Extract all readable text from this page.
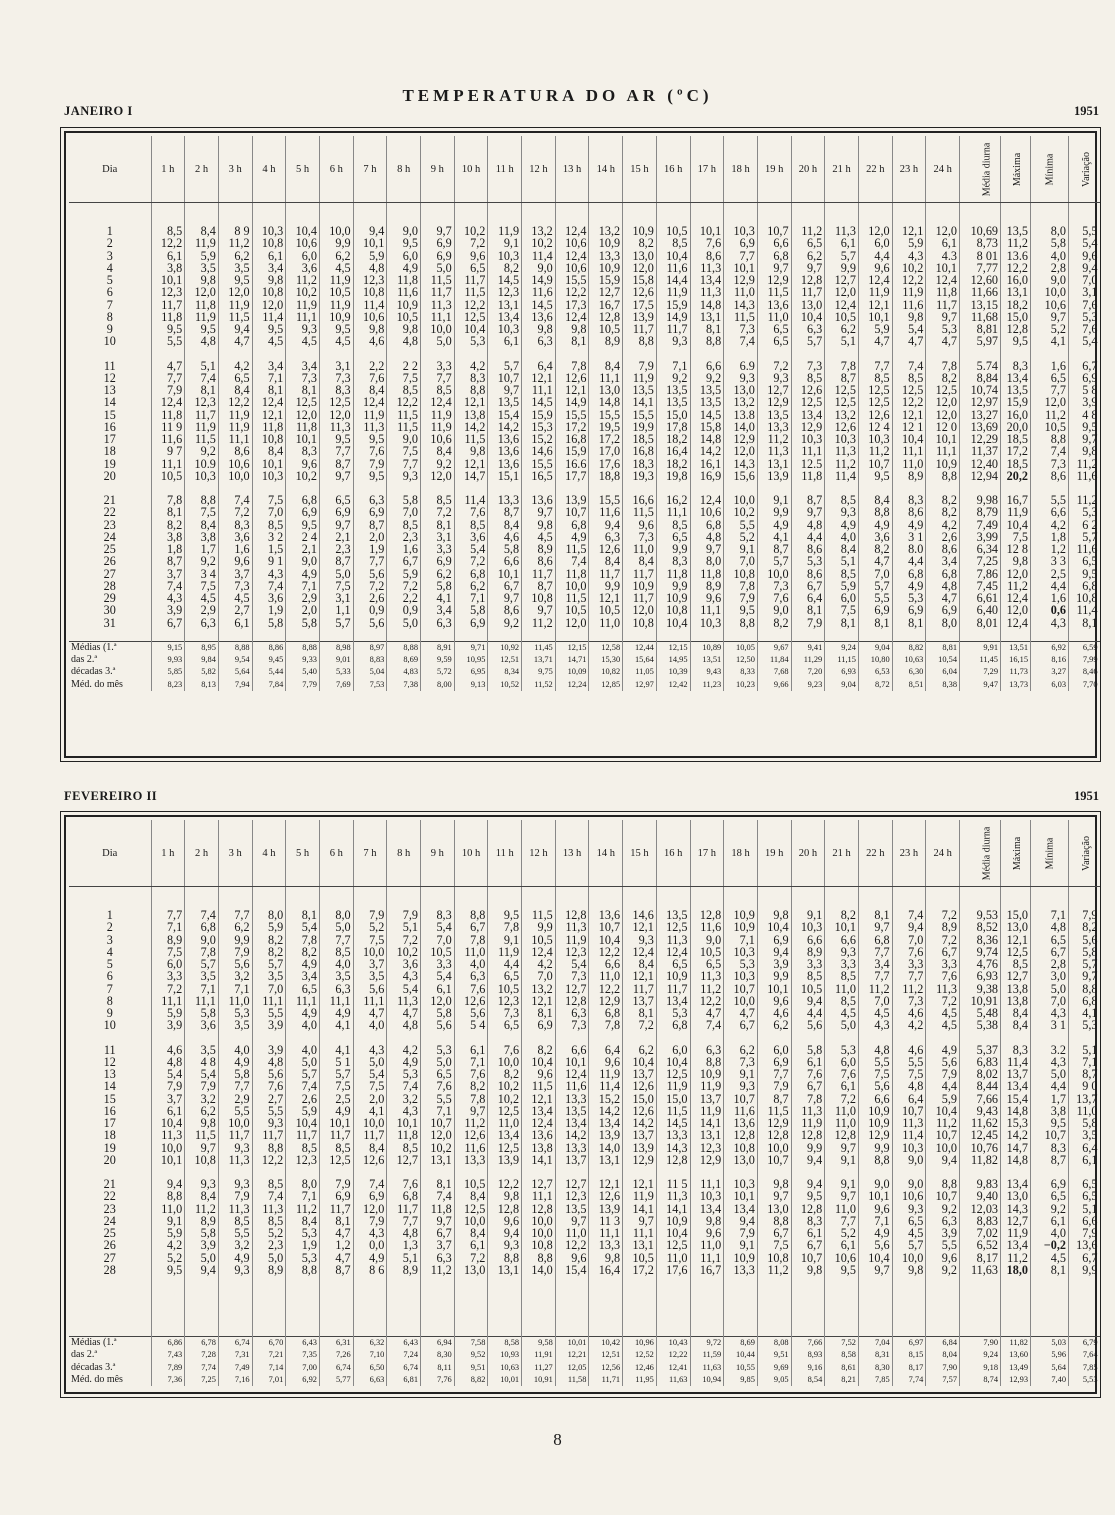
TEMPERATURA DO AR (ºC)
JANEIRO I	1951
Dia	1 h	2 h	3 h	4 h	5 h	6 h	7 h	8 h	9 h	10 h	11 h	12 h	13 h	14 h	15 h	16 h	17 h	18 h	19 h	20 h	21 h	22 h	23 h	24 h	Média diurna	Máxima	Mínima	Variação

1	8,5	8,4	8 9	10,3	10,4	10,0	9,4	9,0	9,7	10,2	11,9	13,2	12,4	13,2	10,9	10,5	10,1	10,3	10,7	11,2	11,3	12,0	12,1	12,0	10,69	13,5	8,0	5,5
2	12,2	11,9	11,2	10,8	10,6	9,9	10,1	9,5	6,9	7,2	9,1	10,2	10,6	10,9	8,2	8,5	7,6	6,9	6,6	6,5	6,1	6,0	5,9	6,1	8,73	11,2	5,8	5,4
3	6,1	5,9	6,2	6,1	6,0	6,2	5,9	6,0	6,9	9,6	10,3	11,4	12,4	13,3	13,0	10,4	8,6	7,7	6,8	6,2	5,7	4,4	4,3	4.3	8 01	13.6	4,0	9,6
4	3,8	3,5	3,5	3,4	3,6	4,5	4,8	4,9	5,0	6,5	8,2	9,0	10,6	10,9	12,0	11,6	11,3	10,1	9,7	9,7	9,9	9,6	10,2	10,1	7,77	12,2	2,8	9,4
5	10,1	9,8	9,5	9,8	11,2	11,9	12,3	11,8	11,5	11,7	14,5	14,9	15,5	15,9	15,8	14,4	13,4	12,9	12,9	12,8	12,7	12,4	12,2	12,4	12,60	16,0	9,0	7,0
6	12,3	12,0	12,0	10,8	10,2	10,5	10,8	11,6	11,7	11,5	12,3	11,6	12,2	12,7	12,6	11,9	11,3	11,0	11,5	11,7	12,0	11,9	11,9	11,8	11,66	13,1	10,0	3,1
7	11,7	11,8	11,9	12,0	11,9	11,9	11,4	10,9	11,3	12,2	13,1	14,5	17,3	16,7	17,5	15,9	14,8	14,3	13,6	13,0	12,4	12,1	11,6	11,7	13,15	18,2	10,6	7,6
8	11,8	11,9	11,5	11,4	11,1	10,9	10,6	10,5	11,1	12,5	13,4	13,6	12,4	12,8	13,9	14,9	13,1	11,5	11,0	10,4	10,5	10,1	9,8	9,7	11,68	15,0	9,7	5,3
9	9,5	9,5	9,4	9,5	9,3	9,5	9,8	9,8	10,0	10,4	10,3	9,8	9,8	10,5	11,7	11,7	8,1	7,3	6,5	6,3	6,2	5,9	5,4	5,3	8,81	12,8	5,2	7,6
10	5,5	4,8	4,7	4,5	4,5	4,5	4,6	4,8	5,0	5,3	6,1	6,3	8,1	8,9	8,8	9,3	8,8	7,4	6,5	5,7	5,1	4,7	4,7	4,7	5,97	9,5	4,1	5,4

11	4,7	5,1	4,2	3,4	3,4	3,1	2,2	2 2	3,3	4,2	5,7	6,4	7,8	8,4	7,9	7,1	6,6	6.9	7,2	7,3	7,8	7,7	7,4	7,8	5.74	8,3	1,6	6,7
12	7,7	7,4	6,5	7,1	7,3	7,3	7,6	7,5	7,7	8,3	10,7	12,1	12,6	11,1	11,9	9,2	9,2	9,3	9,3	8,5	8,7	8,5	8,5	8,2	8,84	13,4	6,5	6,9
13	7,9	8,1	8,4	8,1	8,1	8,3	8,4	8,5	8,5	8,8	9,7	11,1	12,1	13,0	13,5	13,5	13,5	13,0	12,7	12,6	12,5	12,5	12,5	12,5	10,74	13,5	7,7	5 8
14	12,4	12,3	12,2	12,4	12,5	12,5	12,4	12,2	12,4	12,1	13,5	14,5	14,9	14,8	14,1	13,5	13,5	13,2	12,9	12,5	12,5	12,5	12,2	12,0	12,97	15,9	12,0	3,9
15	11,8	11,7	11,9	12,1	12,0	12,0	11,9	11,5	11,9	13,8	15,4	15,9	15,5	15,5	15,5	15,0	14,5	13.8	13,5	13,4	13,2	12,6	12,1	12,0	13,27	16,0	11,2	4 8
16	11 9	11,9	11,9	11,8	11,8	11,3	11,3	11,5	11,9	14,2	14,2	15,3	17,2	19,5	19,9	17,8	15,8	14,0	13,3	12,9	12,6	12 4	12 1	12 0	13,69	20,0	10,5	9,5
17	11,6	11,5	11,1	10,8	10,1	9,5	9,5	9,0	10,6	11,5	13,6	15,2	16,8	17,2	18,5	18,2	14,8	12,9	11,2	10,3	10,3	10,3	10,4	10,1	12,29	18,5	8,8	9,7
18	9 7	9,2	8,6	8,4	8,3	7,7	7,6	7,5	8,4	9,8	13,6	14,6	15,9	17,0	16,8	16,4	14,2	12,0	11,3	11,1	11,3	11,2	11,1	11,1	11,37	17,2	7,4	9,8
19	11,1	10.9	10,6	10,1	9,6	8,7	7,9	7,7	9,2	12,1	13,6	15,5	16.6	17,6	18,3	18,2	16,1	14,3	13,1	12.5	11,2	10,7	11,0	10,9	12,40	18,5	7,3	11,2
20	10,5	10,3	10,0	10,3	10,2	9,7	9,5	9,3	12,0	14,7	15,1	16,5	17,7	18,8	19,3	19,8	16,9	15,6	13,9	11,8	11,4	9,5	8,9	8,8	12,94	20,2	8,6	11,6

21	7,8	8,8	7,4	7,5	6,8	6,5	6,3	5,8	8,5	11,4	13,3	13,6	13,9	15,5	16,6	16,2	12,4	10,0	9,1	8,7	8,5	8,4	8,3	8,2	9,98	16,7	5,5	11,2
22	8,1	7,5	7,2	7,0	6,9	6,9	6,9	7,0	7,2	7,6	8,7	9,7	10,7	11,6	11,5	11,1	10,6	10,2	9,9	9,7	9,3	8,8	8,6	8,2	8,79	11,9	6,6	5,3
23	8,2	8,4	8,3	8,5	9,5	9,7	8,7	8,5	8,1	8,5	8,4	9,8	6,8	9,4	9,6	8,5	6,8	5,5	4,9	4,8	4,9	4,9	4,9	4,2	7,49	10,4	4,2	6 2
24	3,8	3,8	3,6	3 2	2 4	2,1	2,0	2,3	3,1	3,6	4,6	4,5	4,9	6,3	7,3	6,5	4,8	5,2	4,1	4,4	4,0	3,6	3 1	2,6	3,99	7,5	1,8	5,7
25	1,8	1,7	1,6	1,5	2,1	2,3	1,9	1,6	3,3	5,4	5,8	8,9	11,5	12,6	11,0	9,9	9,7	9,1	8,7	8,6	8,4	8,2	8.0	8,6	6,34	12 8	1,2	11,6
26	8,7	9,2	9,6	9 1	9,0	8,7	7,7	6,7	6,9	7,2	6,6	8,6	7,4	8,4	8,4	8,3	8,0	7,0	5,7	5,3	5,1	4,7	4,4	3,4	7,25	9,8	3 3	6,5
27	3,7	3 4	3,7	4,3	4,9	5,0	5,6	5,9	6,2	6,8	10,1	11,7	11,8	11,7	11,7	11,8	11,8	10,8	10,0	8,6	8,5	7,0	6,8	6,8	7,86	12,0	2,5	9,5
28	7,4	7,5	7,3	7,4	7,1	7,5	7,2	7,2	5,8	6,2	6,7	8,7	10,0	9,9	10,9	9,9	8,9	7,8	7,3	6,7	5,9	5,7	4,9	4,8	7,45	11,2	4,4	6,8
29	4,3	4,5	4,5	3,6	2,9	3,1	2,6	2,2	4,1	7,1	9,7	10,8	11,5	12,1	11,7	10,9	9,6	7,9	7,6	6,4	6,0	5,5	5,3	4,7	6,61	12,4	1,6	10,8
30	3,9	2,9	2,7	1,9	2,0	1,1	0,9	0,9	3,4	5,8	8,6	9,7	10,5	10,5	12,0	10,8	11,1	9,5	9,0	8,1	7,5	6,9	6,9	6,9	6,40	12,0	0,6	11,4
31	6,7	6,3	6,1	5,8	5,8	5,7	5,6	5,0	6,3	6,9	9,2	11,2	12,0	11,0	10,8	10,4	10,3	8,8	8,2	7,9	8,1	8,1	8,1	8,0	8,01	12,4	4,3	8,1

Médias (1.ª	9,15	8,95	8,88	8,86	8,88	8,98	8,97	8,88	8,91	9,71	10,92	11,45	12,15	12,58	12,44	12,15	10,89	10,05	9,67	9,41	9,24	9,04	8,82	8,81	9,91	13,51	6,92	6,59
das 2.ª	9,93	9,84	9,54	9,45	9,33	9,01	8,83	8,69	9,59	10,95	12,51	13,71	14,71	15,30	15,64	14,95	13,51	12,50	11,84	11,29	11,15	10,80	10,63	10,54	11,45	16,15	8,16	7,99
décadas 3.ª	5,85	5,82	5,64	5,44	5,40	5,33	5,04	4,83	5,72	6,95	8,34	9,75	10,09	10,82	11,05	10,39	9,43	8,33	7,68	7,20	6,93	6,53	6,30	6,04	7,29	11,73	3,27	8,46
Méd. do mês	8,23	8,13	7,94	7,84	7,79	7,69	7,53	7,38	8,00	9,13	10,52	11,52	12,24	12,85	12,97	12,42	11,23	10,23	9,66	9,23	9,04	8,72	8,51	8,38	9,47	13,73	6,03	7,70
FEVEREIRO II	1951
Dia	1 h	2 h	3 h	4 h	5 h	6 h	7 h	8 h	9 h	10 h	11 h	12 h	13 h	14 h	15 h	16 h	17 h	18 h	19 h	20 h	21 h	22 h	23 h	24 h	Média diurna	Máxima	Mínima	Variação

1	7,7	7,4	7,7	8,0	8,1	8,0	7,9	7,9	8,3	8,8	9,5	11,5	12,8	13,6	14,6	13,5	12,8	10,9	9,8	9,1	8,2	8,1	7,4	7,2	9,53	15,0	7,1	7,9
2	7,1	6,8	6,2	5,9	5,4	5,0	5,2	5,1	5,4	6,7	7,8	9,9	11,3	10,7	12,1	12,5	11,6	10,9	10,4	10,3	10,1	9,7	9,4	8,9	8,52	13,0	4,8	8,2
3	8,9	9,0	9,9	8,2	7,8	7,7	7,5	7,2	7,0	7,8	9,1	10,5	11,9	10,4	9,3	11,3	9,0	7,1	6,9	6,6	6,6	6,8	7,0	7,2	8,36	12,1	6,5	5,6
4	7,5	7,8	7,9	8,2	8,2	8,5	10,0	10,2	10,5	11,0	11,9	12,4	12,3	12,2	12,4	12,4	10,5	10,3	9,4	8,9	9,3	7,7	7,6	6,7	9,74	12,5	6,7	5,8
5	6,0	5,7	5,6	5,7	4,9	4,0	3,7	3,6	3,3	4,0	4,4	4,2	5,4	6,6	8,4	6,5	6,5	5,3	3,9	3,3	3,3	3,4	3,3	3,3	4,76	8,5	2,8	5,7
6	3,3	3,5	3,2	3,5	3,4	3,5	3,5	4,3	5,4	6,3	6,5	7,0	7,3	11,0	12,1	10,9	11,3	10,3	9,9	8,5	8,5	7,7	7,7	7,6	6,93	12,7	3,0	9,7
7	7,2	7,1	7,1	7,0	6,5	6,3	5,6	5,4	6,1	7,6	10,5	13,2	12,7	12,2	11,7	11,7	11,2	10,7	10,1	10,5	11,0	11,2	11,2	11,3	9,38	13,8	5,0	8,8
8	11,1	11,1	11,0	11,1	11,1	11,1	11,1	11,3	12,0	12,6	12,3	12,1	12,8	12,9	13,7	13,4	12,2	10,0	9,6	9,4	8,5	7,0	7,3	7,2	10,91	13,8	7,0	6,8
9	5,9	5,8	5,3	5,5	4,9	4,9	4,7	4,7	5,8	5,6	7,3	8,1	6,3	6,8	8,1	5,3	4,7	4,7	4,6	4,4	4,5	4,5	4,6	4,5	5,48	8,4	4,3	4,1
10	3,9	3,6	3,5	3,9	4,0	4,1	4,0	4,8	5,6	5 4	6,5	6,9	7,3	7,8	7,2	6,8	7,4	6,7	6,2	5,6	5,0	4,3	4,2	4,5	5,38	8,4	3 1	5,3

11	4,6	3,5	4,0	3,9	4,0	4,1	4,3	4,2	5,3	6,1	7,6	8,2	6,6	6,4	6,2	6,0	6,3	6,2	6,0	5,8	5,3	4,8	4,6	4,9	5,37	8,3	3.2	5,1
12	4,8	4 8	4,9	4,8	5,0	5 1	5,0	4,9	5,0	7,1	10,0	10,4	10,1	9,6	10,4	10,4	8,8	7,3	6,9	6,1	6,0	5,5	5,5	5,6	6,83	11,4	4,3	7,1
13	5,4	5,4	5,8	5,6	5,7	5,7	5,4	5,3	6,5	7,6	8,2	9,6	12,4	11,9	13,7	12,5	10,9	9,1	7,7	7,6	7,6	7,5	7,5	7,9	8,02	13,7	5,0	8,7
14	7,9	7,9	7,7	7,6	7,4	7,5	7,5	7,4	7,6	8,2	10,2	11,5	11,6	11,4	12,6	11,9	11,9	9,3	7,9	6,7	6,1	5,6	4,8	4,4	8,44	13,4	4,4	9 0
15	3,7	3,2	2,9	2,7	2,6	2,5	2,0	3,2	5,5	7,8	10,2	12,1	13,3	15,2	15,0	15,0	13,7	10,7	8,7	7,8	7,2	6,6	6,4	5,9	7,66	15,4	1,7	13,7
16	6,1	6,2	5,5	5,5	5,9	4,9	4,1	4,3	7,1	9,7	12,5	13,4	13,5	14,2	12,6	11,5	11,9	11,6	11,5	11,3	11,0	10,9	10,7	10,4	9,43	14,8	3,8	11,0
17	10,4	9,8	10,0	9,3	10,4	10,1	10,0	10,1	10,7	11,2	11,0	12,4	13,4	13,4	14,2	14,5	14,1	13,6	12,9	11,9	11,0	10,9	11,3	11,2	11,62	15,3	9,5	5,8
18	11,3	11,5	11,7	11,7	11,7	11,7	11,7	11,8	12,0	12,6	13,4	13,6	14,2	13,9	13,7	13,3	13,1	12,8	12,8	12,8	12,8	12,9	11,4	10,7	12,45	14,2	10,7	3,5
19	10,0	9,7	9,3	8,8	8,5	8,5	8,4	8,5	10,2	11,6	12,5	13,8	13,3	14,0	13,9	14,3	12,3	10,8	10,0	9,9	9,7	9,9	10,3	10,0	10,76	14,7	8,3	6,4
20	10,1	10,8	11,3	12,2	12,3	12,5	12,6	12,7	13,1	13,3	13,9	14,1	13,7	13,1	12,9	12,8	12,9	13,0	10,7	9,4	9,1	8,8	9,0	9,4	11,82	14,8	8,7	6,1

21	9,4	9,3	9,3	8,5	8,0	7,9	7,4	7,6	8,1	10,5	12,2	12,7	12,7	12,1	12,1	11 5	11,1	10,3	9,8	9,4	9,1	9,0	9,0	8,8	9,83	13,4	6,9	6,5
22	8,8	8,4	7,9	7,4	7,1	6,9	6,9	6,8	7,4	8,4	9,8	11,1	12,3	12,6	11,9	11,3	10,3	10,1	9,7	9,5	9,7	10,1	10,6	10,7	9,40	13,0	6,5	6,5
23	11,0	11,2	11,3	11,3	11,2	11,7	12,0	11,7	11,8	12,5	12,8	12,8	13,5	13,9	14,1	14,1	13,4	13,4	13,0	12,8	11,0	9,6	9,3	9,2	12,03	14,3	9,2	5,1
24	9,1	8,9	8,5	8,5	8,4	8,1	7,9	7,7	9,7	10,0	9,6	10,0	9,7	11 3	9,7	10,9	9,8	9,4	8,8	8,3	7,7	7,1	6,5	6,3	8,83	12,7	6,1	6,6
25	5,9	5,8	5,5	5,2	5,3	4,7	4,3	4,8	6,7	8,4	9,4	10,0	11,0	11,1	11,1	10,4	9,6	7,9	6,7	6,1	5,2	4,9	4,5	3,9	7,02	11,9	4,0	7,9
26	4,2	3,9	3,2	2,3	1,9	1,2	0,0	1,3	3,7	6,1	9,3	10,8	12,2	13,3	13,1	12,5	11,0	9,1	7,5	6,7	6,1	5,6	5,7	5,5	6,52	13,4	−0,2	13,6
27	5,2	5,0	4,9	5,0	5,3	4,7	4,9	5,1	6,3	7,2	8,8	8,8	9,6	9,8	10,5	11,0	11,1	10,9	10,8	10,7	10,6	10,4	10,0	9,6	8,17	11,2	4,5	6,7
28	9,5	9,4	9,3	8,9	8,8	8,7	8 6	8,9	11,2	13,0	13,1	14,0	15,4	16,4	17,2	17,6	16,7	13,3	11,2	9,8	9,5	9,7	9,8	9,2	11,63	18,0	8,1	9,9

Médias (1.ª	6,86	6,78	6,74	6,70	6,43	6,31	6,32	6,43	6,94	7,58	8,58	9,58	10,01	10,42	10,96	10,43	9,72	8,69	8,08	7,66	7,52	7,04	6,97	6,84	7,90	11,82	5,03	6,79
das 2.ª	7,43	7,28	7,31	7,21	7,35	7,26	7,10	7,24	8,30	9,52	10,93	11,91	12,21	12,51	12,52	12,22	11,59	10,44	9,51	8,93	8,58	8,31	8,15	8,04	9,24	13,60	5,96	7,64
décadas 3.ª	7,89	7,74	7,49	7,14	7,00	6,74	6,50	6,74	8,11	9,51	10,63	11,27	12,05	12,56	12,46	12,41	11,63	10,55	9,69	9,16	8,61	8,30	8,17	7,90	9,18	13,49	5,64	7,85
Méd. do mês	7,36	7,25	7,16	7,01	6,92	5,77	6,63	6,81	7,76	8,82	10,01	10,91	11,58	11,71	11,95	11,63	10,94	9,85	9,05	8,54	8,21	7,85	7,74	7,57	8,74	12,93	7,40	5,53
8
